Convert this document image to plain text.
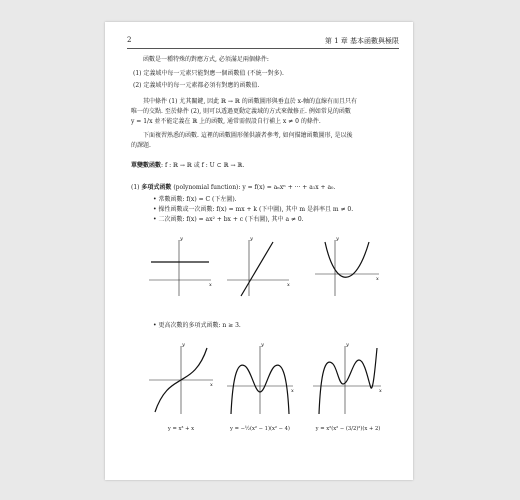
2	第 1 章 基本函數與極限
函數是一種特殊的對應方式, 必須滿足兩個條件:
(1) 定義域中每一元素只能對應一個函數值 (不統一對多).
(2) 定義域中的每一元素都必須有對應的函數值.
其中條件 (1) 尤其關鍵, 因此 ℝ → ℝ 的函數圖形與垂直於 x-軸的直線有而且只有
唯一的交點. 至於條件 (2), 則可以透過更動定義域的方式來做修正. 例如常見的函數
y = 1/x 並不能定義在 ℝ 上的函數, 通常需假設自行補上 x ≠ 0 的條件.
下面複習熟悉的函數. 這裡的函數圖形僅供讀者參考, 如何描繪函數圖形, 是以後
的課題.
單變數函數: f : ℝ → ℝ 或 f : U ⊂ ℝ → ℝ.
(1) 多項式函數 (polynomial function): y = f(x) = aₙxⁿ + ··· + a₁x + a₀.
• 常數函數: f(x) = C (下左圖).
• 操性函數或一次函數: f(x) = mx + k (下中圖), 其中 m 是斜率且 m ≠ 0.
• 二次函數: f(x) = ax² + bx + c (下右圖), 其中 a ≠ 0.
y
x
y
x
y
x
• 更高次數的多項式函數: n ≥ 3.
y
x
y
x
y
x
y = x³ + x	y = −½(x² − 1)(x² − 4)	y = x²(x² − (3/2)²)(x + 2)
